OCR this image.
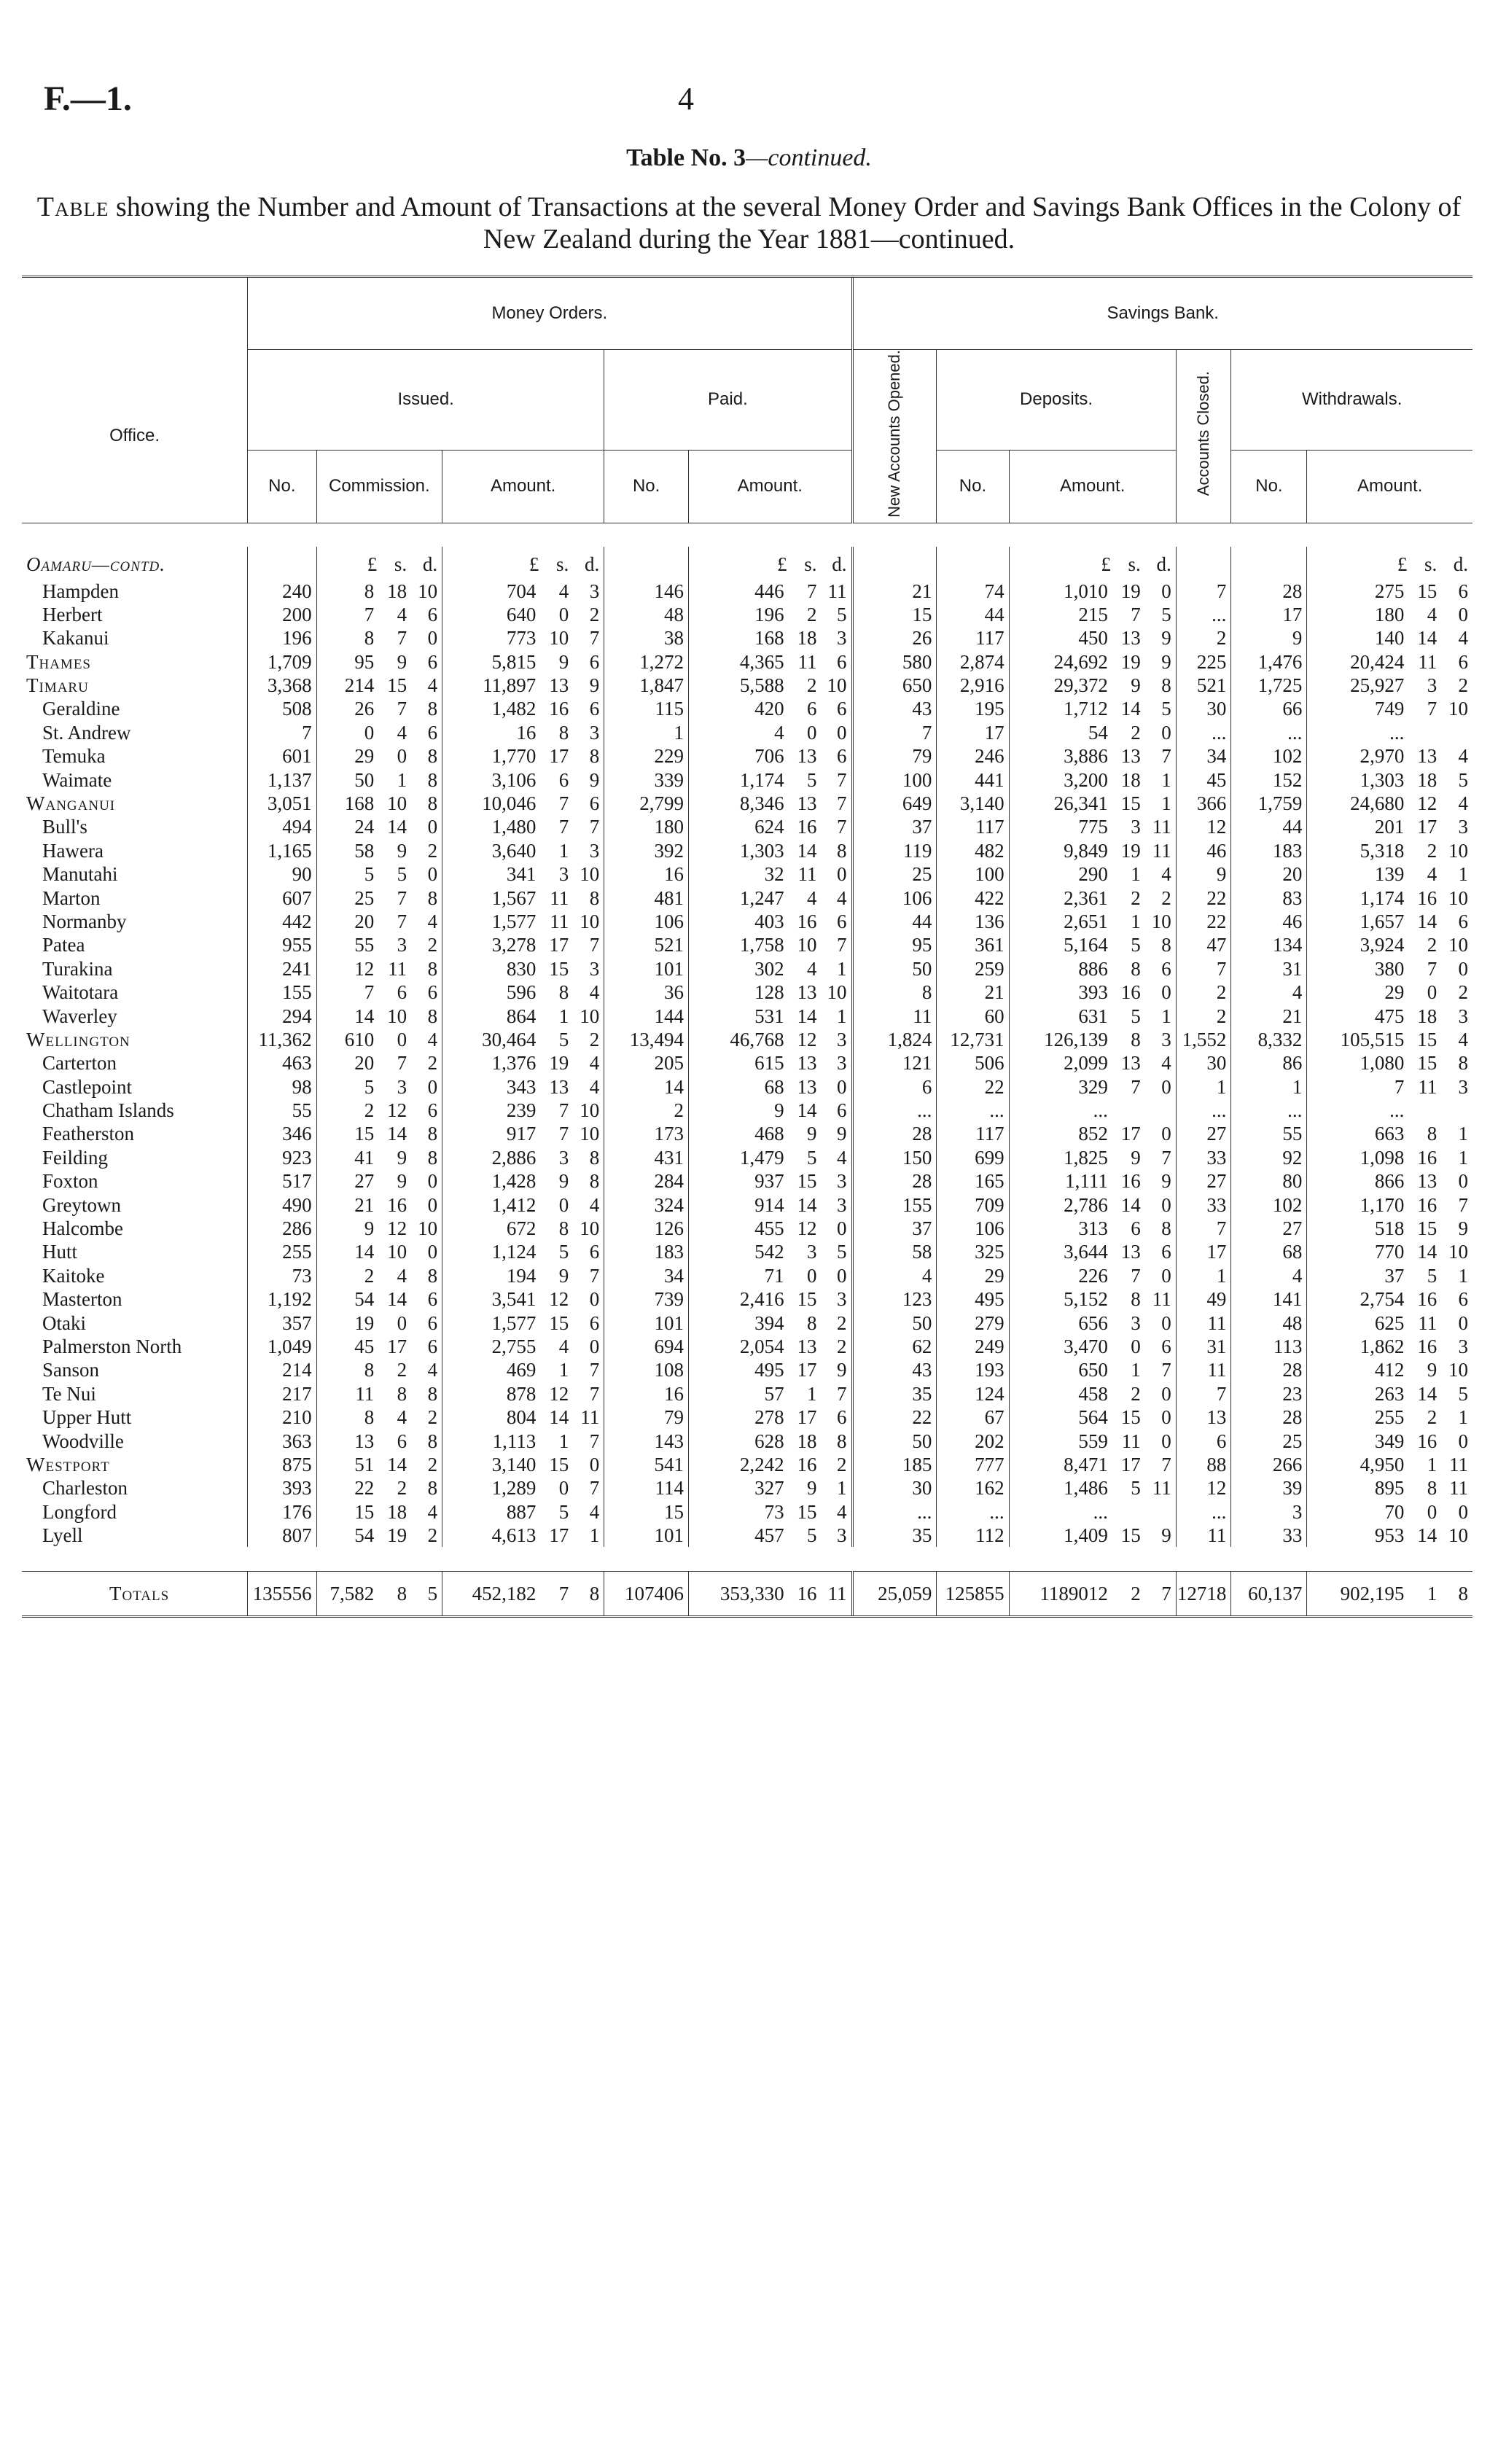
F.—1.	4
Table No. 3—continued.
Table showing the Number and Amount of Transactions at the several Money Order and Savings Bank Offices in the Colony of New Zealand during the Year 1881—continued.
	Money Orders.											Savings Bank.									
Office.	Issued.							Paid.				New Accounts Opened.	Deposits.				Accounts Closed.	Withdrawals.			
	No.	Commission.			Amount.			No.	Amount.				No.	Amount.				No.	Amount.		

Oamaru—contd.		£	s.	d.	£	s.	d.		£	s.	d.			£	s.	d.			£	s.	d.
Hampden	240	8	18	10	704	4	3	146	446	7	11	21	74	1,010	19	0	7	28	275	15	6
Herbert	200	7	4	6	640	0	2	48	196	2	5	15	44	215	7	5	...	17	180	4	0
Kakanui	196	8	7	0	773	10	7	38	168	18	3	26	117	450	13	9	2	9	140	14	4
Thames	1,709	95	9	6	5,815	9	6	1,272	4,365	11	6	580	2,874	24,692	19	9	225	1,476	20,424	11	6
Timaru	3,368	214	15	4	11,897	13	9	1,847	5,588	2	10	650	2,916	29,372	9	8	521	1,725	25,927	3	2
Geraldine	508	26	7	8	1,482	16	6	115	420	6	6	43	195	1,712	14	5	30	66	749	7	10
St. Andrew	7	0	4	6	16	8	3	1	4	0	0	7	17	54	2	0	...	...	...		
Temuka	601	29	0	8	1,770	17	8	229	706	13	6	79	246	3,886	13	7	34	102	2,970	13	4
Waimate	1,137	50	1	8	3,106	6	9	339	1,174	5	7	100	441	3,200	18	1	45	152	1,303	18	5
Wanganui	3,051	168	10	8	10,046	7	6	2,799	8,346	13	7	649	3,140	26,341	15	1	366	1,759	24,680	12	4
Bull's	494	24	14	0	1,480	7	7	180	624	16	7	37	117	775	3	11	12	44	201	17	3
Hawera	1,165	58	9	2	3,640	1	3	392	1,303	14	8	119	482	9,849	19	11	46	183	5,318	2	10
Manutahi	90	5	5	0	341	3	10	16	32	11	0	25	100	290	1	4	9	20	139	4	1
Marton	607	25	7	8	1,567	11	8	481	1,247	4	4	106	422	2,361	2	2	22	83	1,174	16	10
Normanby	442	20	7	4	1,577	11	10	106	403	16	6	44	136	2,651	1	10	22	46	1,657	14	6
Patea	955	55	3	2	3,278	17	7	521	1,758	10	7	95	361	5,164	5	8	47	134	3,924	2	10
Turakina	241	12	11	8	830	15	3	101	302	4	1	50	259	886	8	6	7	31	380	7	0
Waitotara	155	7	6	6	596	8	4	36	128	13	10	8	21	393	16	0	2	4	29	0	2
Waverley	294	14	10	8	864	1	10	144	531	14	1	11	60	631	5	1	2	21	475	18	3
Wellington	11,362	610	0	4	30,464	5	2	13,494	46,768	12	3	1,824	12,731	126,139	8	3	1,552	8,332	105,515	15	4
Carterton	463	20	7	2	1,376	19	4	205	615	13	3	121	506	2,099	13	4	30	86	1,080	15	8
Castlepoint	98	5	3	0	343	13	4	14	68	13	0	6	22	329	7	0	1	1	7	11	3
Chatham Islands	55	2	12	6	239	7	10	2	9	14	6	...	...	...			...	...	...		
Featherston	346	15	14	8	917	7	10	173	468	9	9	28	117	852	17	0	27	55	663	8	1
Feilding	923	41	9	8	2,886	3	8	431	1,479	5	4	150	699	1,825	9	7	33	92	1,098	16	1
Foxton	517	27	9	0	1,428	9	8	284	937	15	3	28	165	1,111	16	9	27	80	866	13	0
Greytown	490	21	16	0	1,412	0	4	324	914	14	3	155	709	2,786	14	0	33	102	1,170	16	7
Halcombe	286	9	12	10	672	8	10	126	455	12	0	37	106	313	6	8	7	27	518	15	9
Hutt	255	14	10	0	1,124	5	6	183	542	3	5	58	325	3,644	13	6	17	68	770	14	10
Kaitoke	73	2	4	8	194	9	7	34	71	0	0	4	29	226	7	0	1	4	37	5	1
Masterton	1,192	54	14	6	3,541	12	0	739	2,416	15	3	123	495	5,152	8	11	49	141	2,754	16	6
Otaki	357	19	0	6	1,577	15	6	101	394	8	2	50	279	656	3	0	11	48	625	11	0
Palmerston North	1,049	45	17	6	2,755	4	0	694	2,054	13	2	62	249	3,470	0	6	31	113	1,862	16	3
Sanson	214	8	2	4	469	1	7	108	495	17	9	43	193	650	1	7	11	28	412	9	10
Te Nui	217	11	8	8	878	12	7	16	57	1	7	35	124	458	2	0	7	23	263	14	5
Upper Hutt	210	8	4	2	804	14	11	79	278	17	6	22	67	564	15	0	13	28	255	2	1
Woodville	363	13	6	8	1,113	1	7	143	628	18	8	50	202	559	11	0	6	25	349	16	0
Westport	875	51	14	2	3,140	15	0	541	2,242	16	2	185	777	8,471	17	7	88	266	4,950	1	11
Charleston	393	22	2	8	1,289	0	7	114	327	9	1	30	162	1,486	5	11	12	39	895	8	11
Longford	176	15	18	4	887	5	4	15	73	15	4	...	...	...			...	3	70	0	0
Lyell	807	54	19	2	4,613	17	1	101	457	5	3	35	112	1,409	15	9	11	33	953	14	10

Totals	135556	7,582	8	5	452,182	7	8	107406	353,330	16	11	25,059	125855	1189012	2	7	12718	60,137	902,195	1	8
